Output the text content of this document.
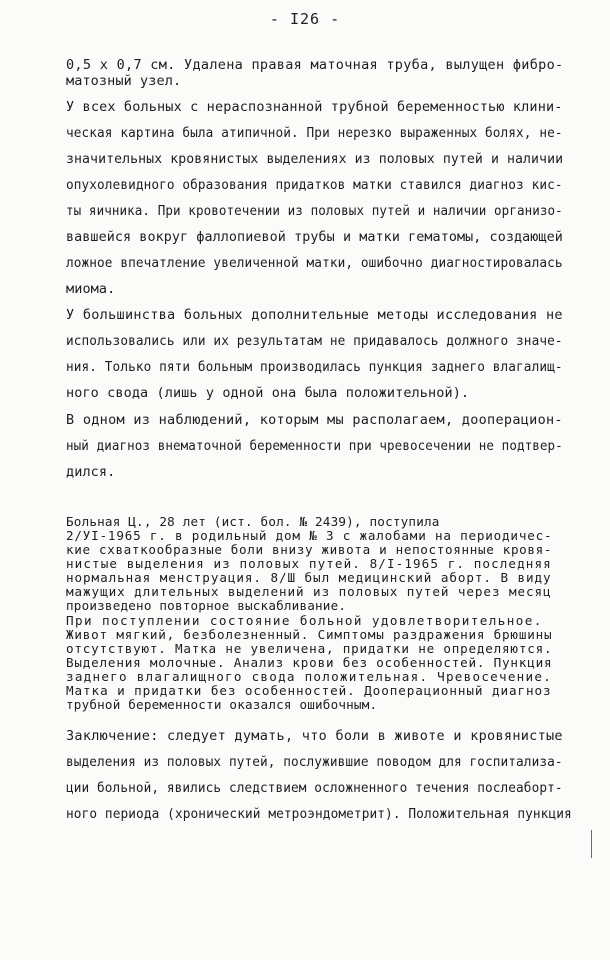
- I26 -
0,5 х 0,7 см. Удалена правая маточная труба, вылущен фибро-
матозный узел.
У всех больных с нераспознанной трубной беременностью клини-
ческая картина была атипичной. При нерезко выраженных болях, не-
значительных кровянистых выделениях из половых путей и наличии
опухолевидного образования придатков матки ставился диагноз кис-
ты яичника. При кровотечении из половых путей и наличии организо-
вавшейся вокруг фаллопиевой трубы и матки гематомы, создающей
ложное впечатление увеличенной матки, ошибочно диагностировалась
миома.
У большинства больных дополнительные методы исследования не
использовались или их результатам не придавалось должного значе-
ния. Только пяти больным производилась пункция заднего влагалищ-
ного свода (лишь у одной она была положительной).
В одном из наблюдений, которым мы располагаем, дооперацион-
ный диагноз внематочной беременности при чревосечении не подтвер-
дился.
Больная Ц., 28 лет (ист. бол. № 2439), поступила
2/УI-1965 г. в родильный дом № 3 с жалобами на периодичес-
кие схваткообразные боли внизу живота и непостоянные кровя-
нистые выделения из половых путей. 8/I-1965 г. последняя
нормальная менструация. 8/Ш был медицинский аборт. В виду
мажущих длительных выделений из половых путей через месяц
произведено повторное выскабливание.
При поступлении состояние больной удовлетворительное.
Живот мягкий, безболезненный. Симптомы раздражения брюшины
отсутствуют. Матка не увеличена, придатки не определяются.
Выделения молочные. Анализ крови без особенностей. Пункция
заднего влагалищного свода положительная. Чревосечение.
Матка и придатки без особенностей. Дооперационный диагноз
трубной беременности оказался ошибочным.
Заключение: следует думать, что боли в животе и кровянистые
выделения из половых путей, послужившие поводом для госпитализа-
ции больной, явились следствием осложненного течения послеаборт-
ного периода (хронический метроэндометрит). Положительная пункция
